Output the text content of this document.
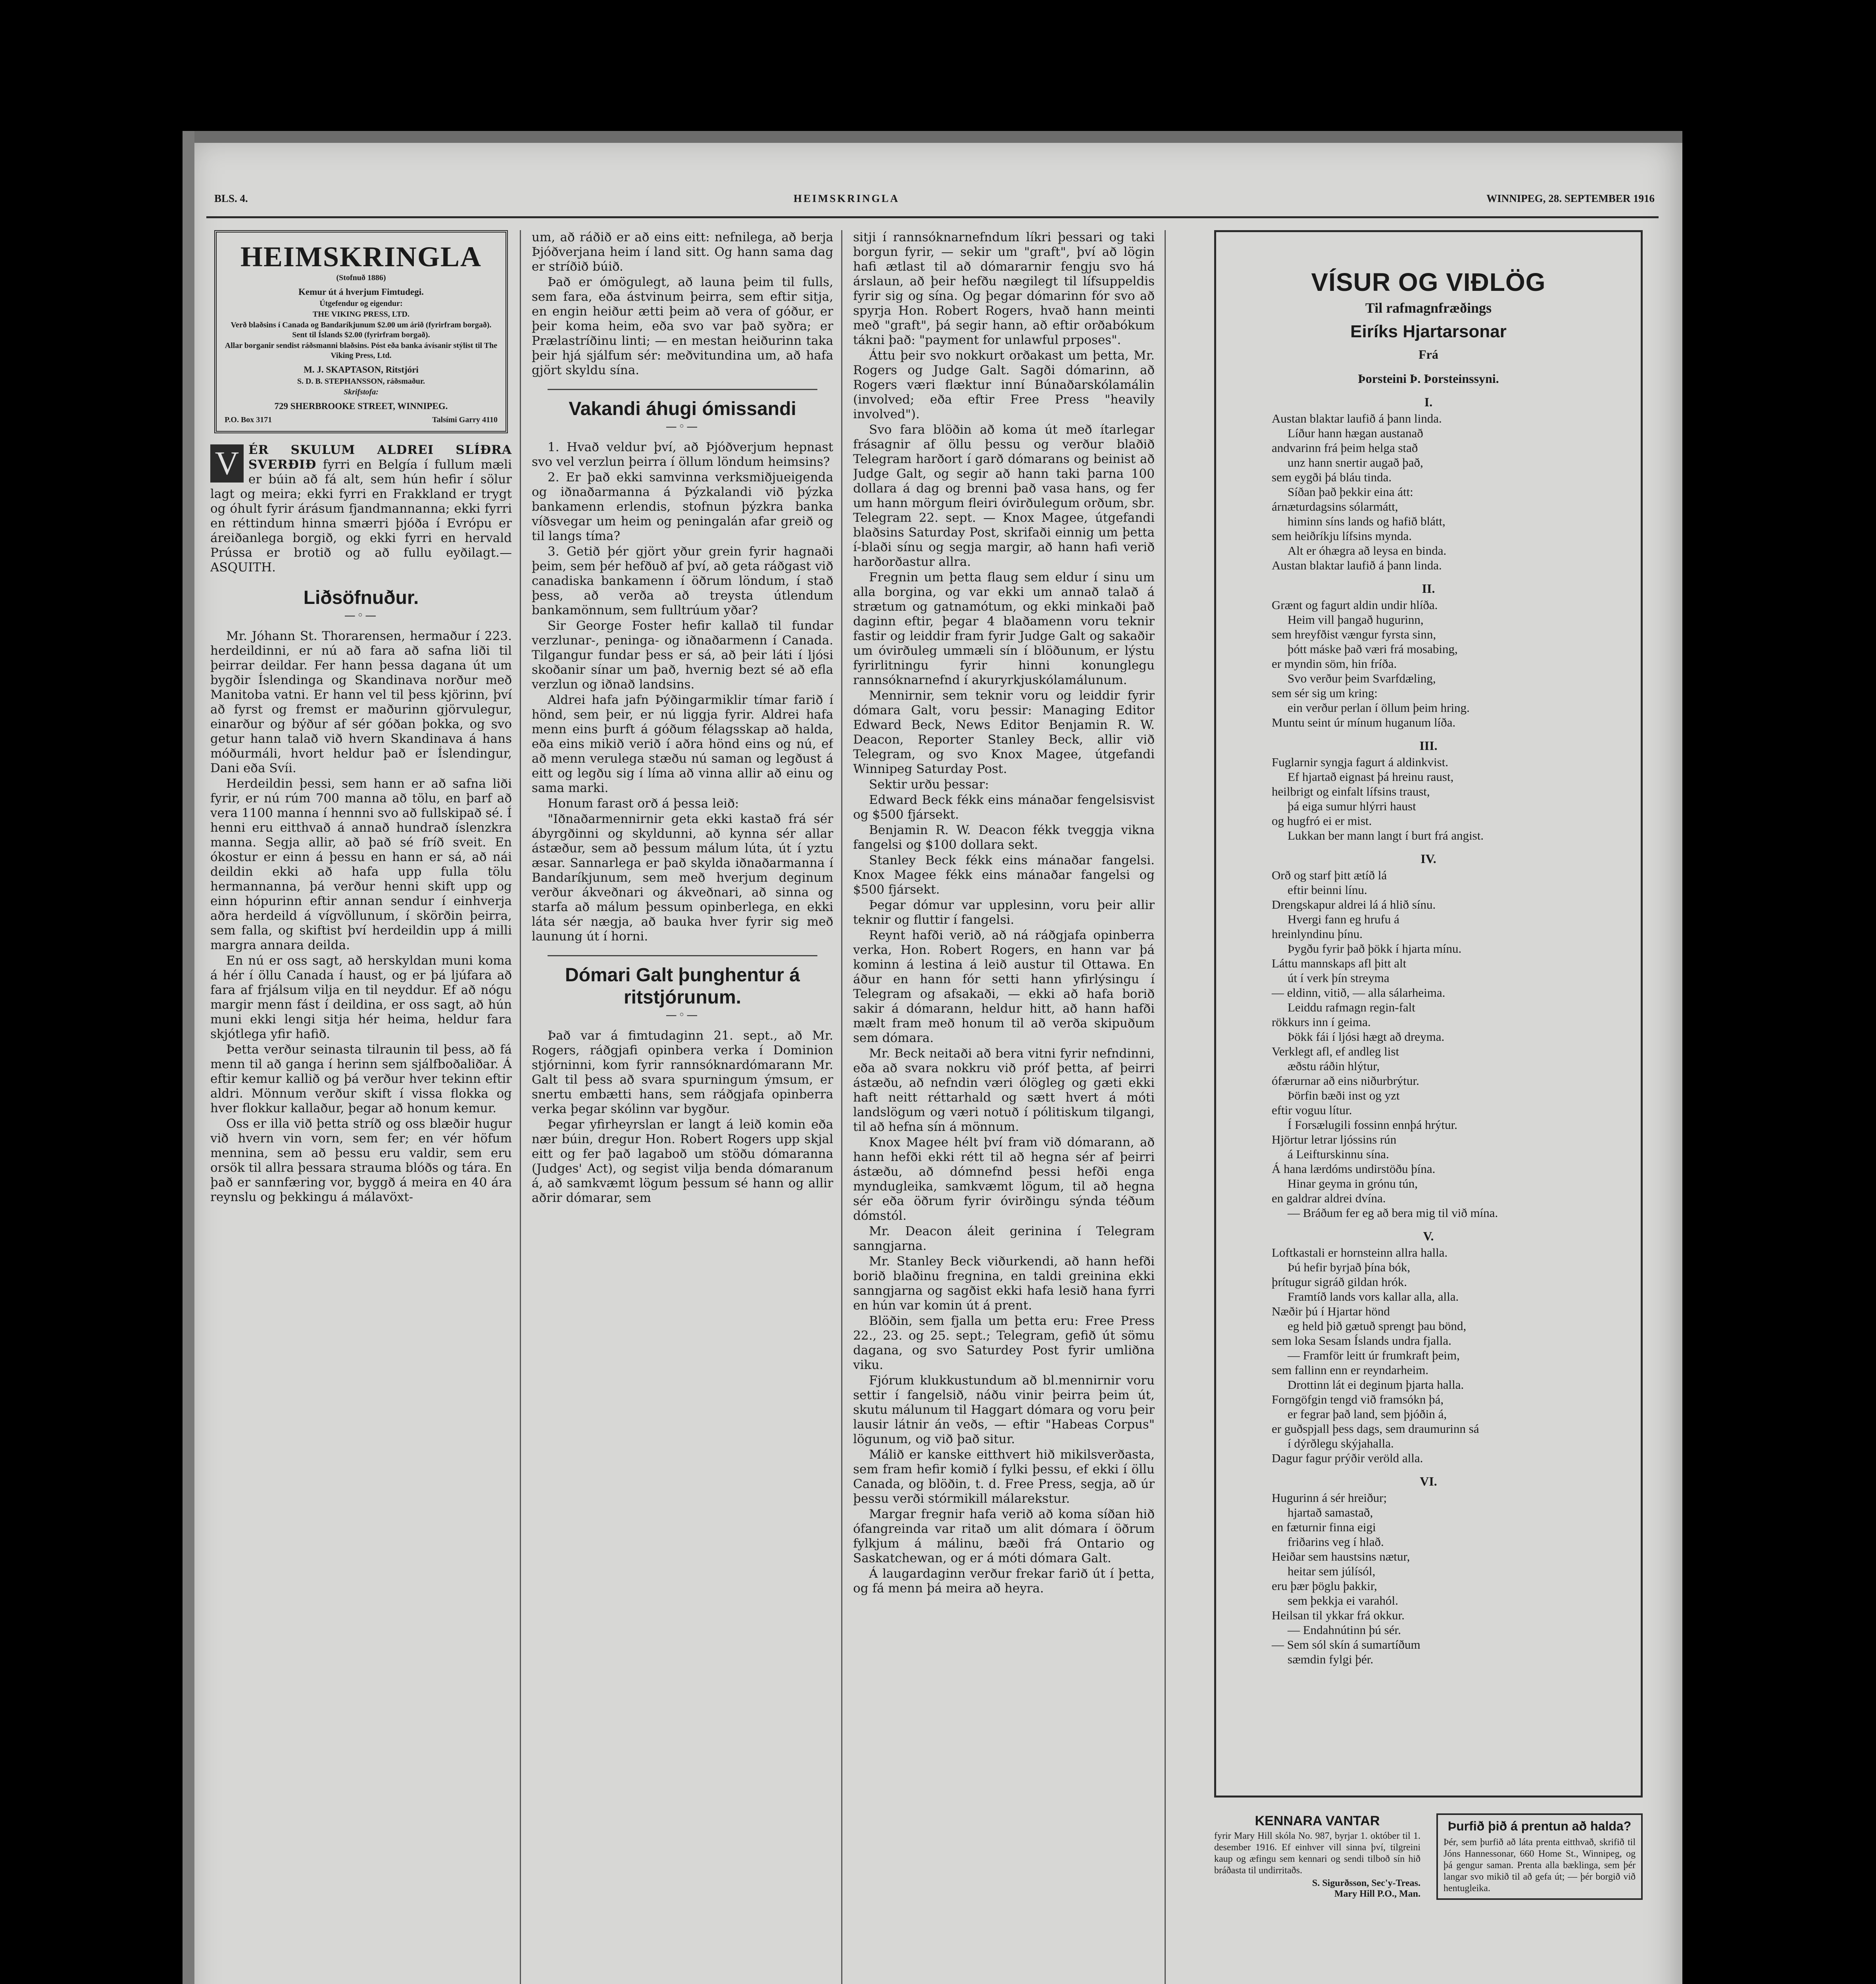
BLS. 4.	HEIMSKRINGLA	WINNIPEG, 28. SEPTEMBER 1916
HEIMSKRINGLA
(Stofnuð 1886)
Kemur út á hverjum Fimtudegi.
Útgefendur og eigendur:
THE VIKING PRESS, LTD.
Verð blaðsins í Canada og Bandaríkjunum $2.00 um árið (fyrirfram borgað). Sent til Íslands $2.00 (fyrirfram borgað).
Allar borganir sendist ráðsmanni blaðsins. Póst eða banka ávísanir stýlist til The Viking Press, Ltd.
M. J. SKAPTASON, Ritstjóri
S. D. B. STEPHANSSON, ráðsmaður.
Skrifstofa:
729 SHERBROOKE STREET, WINNIPEG.
P.O. Box 3171	Talsími Garry 4110
V ÉR SKULUM ALDREI SLÍÐRA SVERÐIÐ fyrri en Belgía í fullum mæli er búin að fá alt, sem hún hefir í sölur lagt og meira; ekki fyrri en Frakkland er trygt og óhult fyrir árásum fjandmannanna; ekki fyrri en réttindum hinna smærri þjóða í Evrópu er áreiðanlega borgið, og ekki fyrri en hervald Prússa er brotið og að fullu eyðilagt.—ASQUITH.
Liðsöfnuður.
—◦—

Mr. Jóhann St. Thorarensen, hermaður í 223. herdeildinni, er nú að fara að safna liði til þeirrar deildar. Fer hann þessa dagana út um bygðir Íslendinga og Skandinava norður með Manitoba vatni. Er hann vel til þess kjörinn, því að fyrst og fremst er maðurinn gjörvulegur, einarður og býður af sér góðan þokka, og svo getur hann talað við hvern Skandinava á hans móðurmáli, hvort heldur það er Íslendingur, Dani eða Svíi.

Herdeildin þessi, sem hann er að safna liði fyrir, er nú rúm 700 manna að tölu, en þarf að vera 1100 manna í hennni svo að fullskipað sé. Í henni eru eitthvað á annað hundrað íslenzkra manna. Segja allir, að það sé fríð sveit. En ókostur er einn á þessu en hann er sá, að nái deildin ekki að hafa upp fulla tölu hermannanna, þá verður henni skift upp og einn hópurinn eftir annan sendur í einhverja aðra herdeild á vígvöllunum, í skörðin þeirra, sem falla, og skiftist því herdeildin upp á milli margra annara deilda.

En nú er oss sagt, að herskyldan muni koma á hér í öllu Canada í haust, og er þá ljúfara að fara af frjálsum vilja en til neyddur. Ef að nógu margir menn fást í deildina, er oss sagt, að hún muni ekki lengi sitja hér heima, heldur fara skjótlega yfir hafið.

Þetta verður seinasta tilraunin til þess, að fá menn til að ganga í herinn sem sjálfboðaliðar. Á eftir kemur kallið og þá verður hver tekinn eftir aldri. Mönnum verður skift í vissa flokka og hver flokkur kallaður, þegar að honum kemur.

Oss er illa við þetta stríð og oss blæðir hugur við hvern vin vorn, sem fer; en vér höfum mennina, sem að þessu eru valdir, sem eru orsök til allra þessara strauma blóðs og tára. En það er sannfæring vor, byggð á meira en 40 ára reynslu og þekkingu á málavöxt-

um, að ráðið er að eins eitt: nefnilega, að berja Þjóðverjana heim í land sitt. Og hann sama dag er stríðið búið.

Það er ómögulegt, að launa þeim til fulls, sem fara, eða ástvinum þeirra, sem eftir sitja, en engin heiður ætti þeim að vera of góður, er þeir koma heim, eða svo var það syðra; er Prælastríðinu linti; — en mestan heiðurinn taka þeir hjá sjálfum sér: meðvitundina um, að hafa gjört skyldu sína.

Vakandi áhugi ómissandi
—◦—

1. Hvað veldur því, að Þjóðverjum hepnast svo vel verzlun þeirra í öllum löndum heimsins?

2. Er það ekki samvinna verksmiðjueigenda og iðnaðarmanna á Þýzkalandi við þýzka bankamenn erlendis, stofnun þýzkra banka víðsvegar um heim og peningalán afar greið og til langs tíma?

3. Getið þér gjört yður grein fyrir hagnaði þeim, sem þér hefðuð af því, að geta ráðgast við canadiska bankamenn í öðrum löndum, í stað þess, að verða að treysta útlendum bankamönnum, sem fulltrúum yðar?

Sir George Foster hefir kallað til fundar verzlunar-, peninga- og iðnaðarmenn í Canada. Tilgangur fundar þess er sá, að þeir láti í ljósi skoðanir sínar um það, hvernig bezt sé að efla verzlun og iðnað landsins.

Aldrei hafa jafn Þýðingarmiklir tímar farið í hönd, sem þeir, er nú liggja fyrir. Aldrei hafa menn eins þurft á góðum félagsskap að halda, eða eins mikið verið í aðra hönd eins og nú, ef að menn verulega stæðu nú saman og legðust á eitt og legðu sig í líma að vinna allir að einu og sama marki.

Honum farast orð á þessa leið:

"Iðnaðarmennirnir geta ekki kastað frá sér ábyrgðinni og skyldunni, að kynna sér allar ástæður, sem að þessum málum lúta, út í yztu æsar. Sannarlega er það skylda iðnaðarmanna í Bandaríkjunum, sem með hverjum deginum verður ákveðnari og ákveðnari, að sinna og starfa að málum þessum opinberlega, en ekki láta sér nægja, að bauka hver fyrir sig með launung út í horni.

Dómari Galt þunghentur á ritstjórunum.
—◦—

Það var á fimtudaginn 21. sept., að Mr. Rogers, ráðgjafi opinbera verka í Dominion stjórninni, kom fyrir rannsóknardómarann Mr. Galt til þess að svara spurningum ýmsum, er snertu embætti hans, sem ráðgjafa opinberra verka þegar skólinn var bygður.

Þegar yfirheyrslan er langt á leið komin eða nær búin, dregur Hon. Robert Rogers upp skjal eitt og fer það lagaboð um stöðu dómaranna (Judges' Act), og segist vilja benda dómaranum á, að samkvæmt lögum þessum sé hann og allir aðrir dómarar, sem

sitji í rannsóknarnefndum líkri þessari og taki borgun fyrir, — sekir um "graft", því að lögin hafi ætlast til að dómararnir fengju svo há árslaun, að þeir hefðu nægilegt til lífsuppeldis fyrir sig og sína. Og þegar dómarinn fór svo að spyrja Hon. Robert Rogers, hvað hann meinti með "graft", þá segir hann, að eftir orðabókum tákni það: "payment for unlawful prposes".

Áttu þeir svo nokkurt orðakast um þetta, Mr. Rogers og Judge Galt. Sagði dómarinn, að Rogers væri flæktur inní Búnaðarskólamálin (involved; eða eftir Free Press "heavily involved").

Svo fara blöðin að koma út með ítarlegar frásagnir af öllu þessu og verður blaðið Telegram harðort í garð dómarans og beinist að Judge Galt, og segir að hann taki þarna 100 dollara á dag og brenni það vasa hans, og fer um hann mörgum fleiri óvirðulegum orðum, sbr. Telegram 22. sept. — Knox Magee, útgefandi blaðsins Saturday Post, skrifaði einnig um þetta í-blaði sínu og segja margir, að hann hafi verið harðorðastur allra.

Fregnin um þetta flaug sem eldur í sinu um alla borgina, og var ekki um annað talað á strætum og gatnamótum, og ekki minkaði það daginn eftir, þegar 4 blaðamenn voru teknir fastir og leiddir fram fyrir Judge Galt og sakaðir um óvirðuleg ummæli sín í blöðunum, er lýstu fyrirlitningu fyrir hinni konunglegu rannsóknarnefnd í akuryrkjuskólamálunum.

Mennirnir, sem teknir voru og leiddir fyrir dómara Galt, voru þessir: Managing Editor Edward Beck, News Editor Benjamin R. W. Deacon, Reporter Stanley Beck, allir við Telegram, og svo Knox Magee, útgefandi Winnipeg Saturday Post.

Sektir urðu þessar:

Edward Beck fékk eins mánaðar fengelsisvist og $500 fjársekt.

Benjamin R. W. Deacon fékk tveggja vikna fangelsi og $100 dollara sekt.

Stanley Beck fékk eins mánaðar fangelsi. Knox Magee fékk eins mánaðar fangelsi og $500 fjársekt.

Þegar dómur var upplesinn, voru þeir allir teknir og fluttir í fangelsi.

Reynt hafði verið, að ná ráðgjafa opinberra verka, Hon. Robert Rogers, en hann var þá kominn á lestina á leið austur til Ottawa. En áður en hann fór setti hann yfirlýsingu í Telegram og afsakaði, — ekki að hafa borið sakir á dómarann, heldur hitt, að hann hafði mælt fram með honum til að verða skipuðum sem dómara.

Mr. Beck neitaði að bera vitni fyrir nefndinni, eða að svara nokkru við próf þetta, af þeirri ástæðu, að nefndin væri ólögleg og gæti ekki haft neitt réttarhald og sætt hvert á móti landslögum og væri notuð í pólitiskum tilgangi, til að hefna sín á mönnum.

Knox Magee hélt því fram við dómarann, að hann hefði ekki rétt til að hegna sér af þeirri ástæðu, að dómnefnd þessi hefði enga myndugleika, samkvæmt lögum, til að hegna sér eða öðrum fyrir óvirðingu sýnda téðum dómstól.

Mr. Deacon áleit gerinina í Telegram sanngjarna.

Mr. Stanley Beck viðurkendi, að hann hefði borið blaðinu fregnina, en taldi greinina ekki sanngjarna og sagðist ekki hafa lesið hana fyrri en hún var komin út á prent.

Blöðin, sem fjalla um þetta eru: Free Press 22., 23. og 25. sept.; Telegram, gefið út sömu dagana, og svo Saturdey Post fyrir umliðna viku.

Fjórum klukkustundum að bl.mennirnir voru settir í fangelsið, náðu vinir þeirra þeim út, skutu málunum til Haggart dómara og voru þeir lausir látnir án veðs, — eftir "Habeas Corpus" lögunum, og við það situr.

Málið er kanske eitthvert hið mikilsverðasta, sem fram hefir komið í fylki þessu, ef ekki í öllu Canada, og blöðin, t. d. Free Press, segja, að úr þessu verði stórmikill málarekstur.

Margar fregnir hafa verið að koma síðan hið ófangreinda var ritað um alit dómara í öðrum fylkjum á málinu, bæði frá Ontario og Saskatchewan, og er á móti dómara Galt.

Á laugardaginn verður frekar farið út í þetta, og fá menn þá meira að heyra.

VÍSUR OG VIÐLÖG
Til rafmagnfræðings
Eiríks Hjartarsonar
Frá
Þorsteini Þ. Þorsteinssyni.
I.
Austan blaktar laufið á þann linda.
Líður hann hægan austanað
andvarinn frá þeim helga stað
unz hann snertir augað það,
sem eygði þá bláu tinda.
Síðan það þekkir eina átt:
árnæturdagsins sólarmátt,
himinn síns lands og hafið blátt,
sem heiðríkju lífsins mynda.
Alt er óhægra að leysa en binda.
Austan blaktar laufið á þann linda.
II.
Grænt og fagurt aldin undir hlíða.
Heim vill þangað hugurinn,
sem hreyfðist vængur fyrsta sinn,
þótt máske það væri frá mosabing,
er myndin söm, hin fríða.
Svo verður þeim Svarfdæling,
sem sér sig um kring:
ein verður perlan í öllum þeim hring.
Muntu seint úr mínum huganum líða.
III.
Fuglarnir syngja fagurt á aldinkvist.
Ef hjartað eignast þá hreinu raust,
heilbrigt og einfalt lífsins traust,
þá eiga sumur hlýrri haust
og hugfró ei er mist.
Lukkan ber mann langt í burt frá angist.
IV.
Orð og starf þitt ætíð lá
eftir beinni línu.
Drengskapur aldrei lá á hlið sínu.
Hvergi fann eg hrufu á
hreinlyndinu þínu.
Þygðu fyrir það þökk í hjarta mínu.
Láttu mannskaps afl þitt alt
út í verk þín streyma
— eldinn, vitið, — alla sálarheima.
Leiddu rafmagn regin-falt
rökkurs inn í geima.
Þökk fái í ljósi hægt að dreyma.
Verklegt afl, ef andleg list
æðstu ráðin hlýtur,
ófærurnar að eins niðurbrýtur.
Þörfin bæði inst og yzt
eftir voguu lítur.
Í Forsælugili fossinn ennþá hrýtur.
Hjörtur letrar ljóssins rún
á Leifturskinnu sína.
Á hana lærdóms undirstöðu þína.
Hinar geyma in grónu tún,
en galdrar aldrei dvína.
— Bráðum fer eg að bera mig til við mína.
V.
Loftkastali er hornsteinn allra halla.
Þú hefir byrjað þína bók,
þrítugur sigráð gildan hrók.
Framtíð lands vors kallar alla, alla.
Næðir þú í Hjartar hönd
eg held þið gætuð sprengt þau bönd,
sem loka Sesam Íslands undra fjalla.
— Framför leitt úr frumkraft þeim,
sem fallinn enn er reyndarheim.
Drottinn lát ei deginum þjarta halla.
Forngöfgin tengd við framsókn þá,
er fegrar það land, sem þjóðin á,
er guðspjall þess dags, sem draumurinn sá
í dýrðlegu skýjahalla.
Dagur fagur prýðir veröld alla.
VI.
Hugurinn á sér hreiður;
hjartað samastað,
en fæturnir finna eigi
friðarins veg í hlað.
Heiðar sem haustsins nætur,
heitar sem júlísól,
eru þær þöglu þakkir,
sem þekkja ei varahól.
Heilsan til ykkar frá okkur.
— Endahnútinn þú sér.
— Sem sól skín á sumartíðum
sæmdin fylgi þér.
KENNARA VANTAR

fyrir Mary Hill skóla No. 987, byrjar 1. október til 1. desember 1916. Ef einhver vill sinna því, tilgreini kaup og æfingu sem kennari og sendi tilboð sín hið bráðasta til undirritaðs.

S. Sigurðsson, Sec'y-Treas.
Mary Hill P.O., Man.
Þurfið þið á prentun að halda?

Þér, sem þurfið að láta prenta eitthvað, skrifið til Jóns Hannessonar, 660 Home St., Winnipeg, og þá gengur saman. Prenta alla bæklinga, sem þér langar svo mikið til að gefa út; — þér borgið við hentugleika.
